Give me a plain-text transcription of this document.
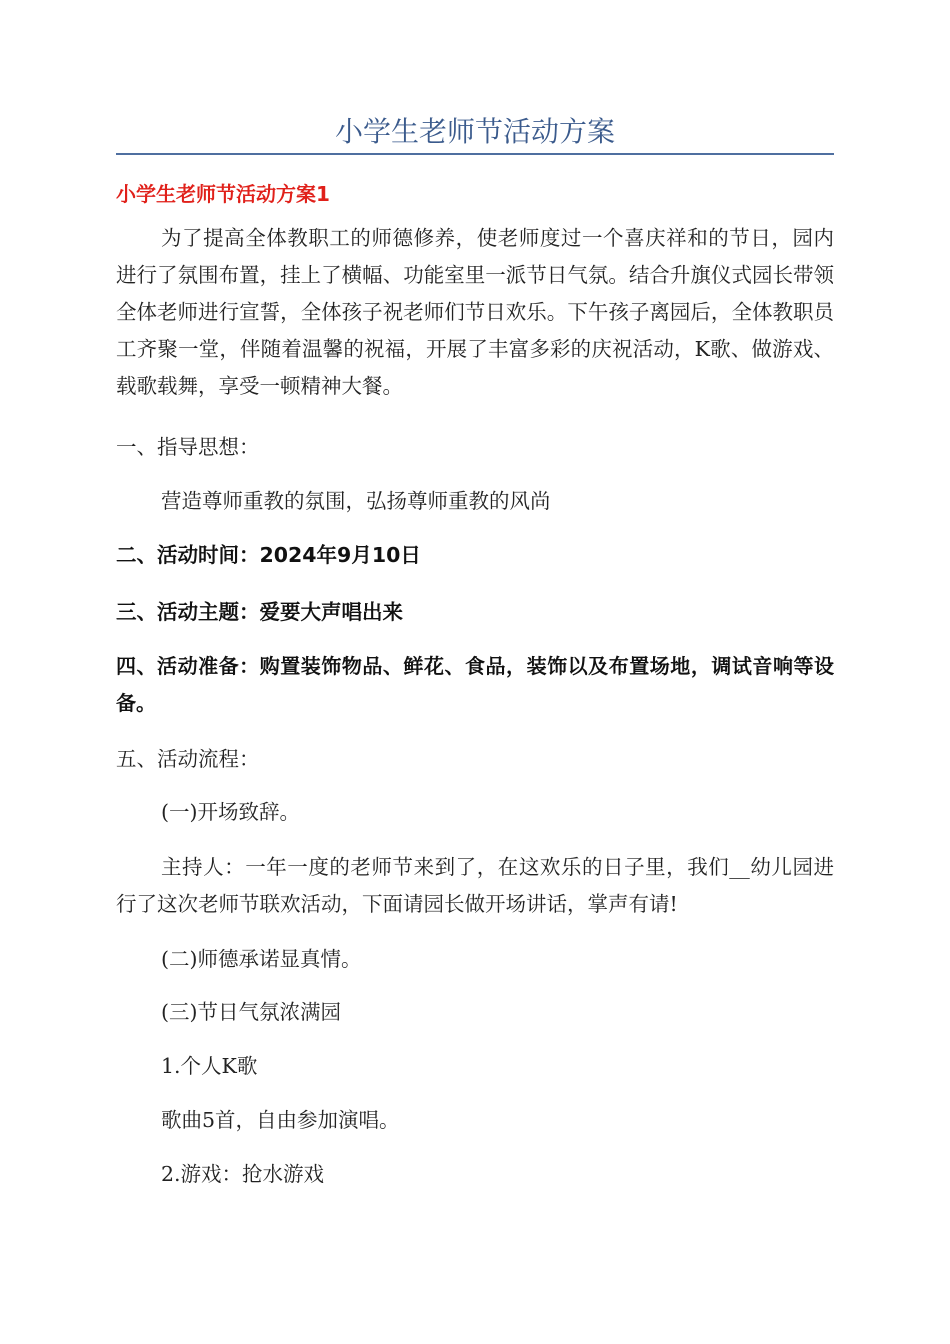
小学生老师节活动方案
小学生老师节活动方案1

为了提高全体教职工的师德修养，使老师度过一个喜庆祥和的节日，园内进行了氛围布置，挂上了横幅、功能室里一派节日气氛。结合升旗仪式园长带领全体老师进行宣誓，全体孩子祝老师们节日欢乐。下午孩子离园后，全体教职员工齐聚一堂，伴随着温馨的祝福，开展了丰富多彩的庆祝活动，K歌、做游戏、载歌载舞，享受一顿精神大餐。

一、指导思想：
营造尊师重教的氛围，弘扬尊师重教的风尚
二、活动时间：2024年9月10日
三、活动主题：爱要大声唱出来

四、活动准备：购置装饰物品、鲜花、食品，装饰以及布置场地，调试音响等设备。

五、活动流程：
(一)开场致辞。

主持人：一年一度的老师节来到了，在这欢乐的日子里，我们__幼儿园进行了这次老师节联欢活动，下面请园长做开场讲话，掌声有请!

(二)师德承诺显真情。
(三)节日气氛浓满园
1.个人K歌
歌曲5首，自由参加演唱。
2.游戏：抢水游戏
